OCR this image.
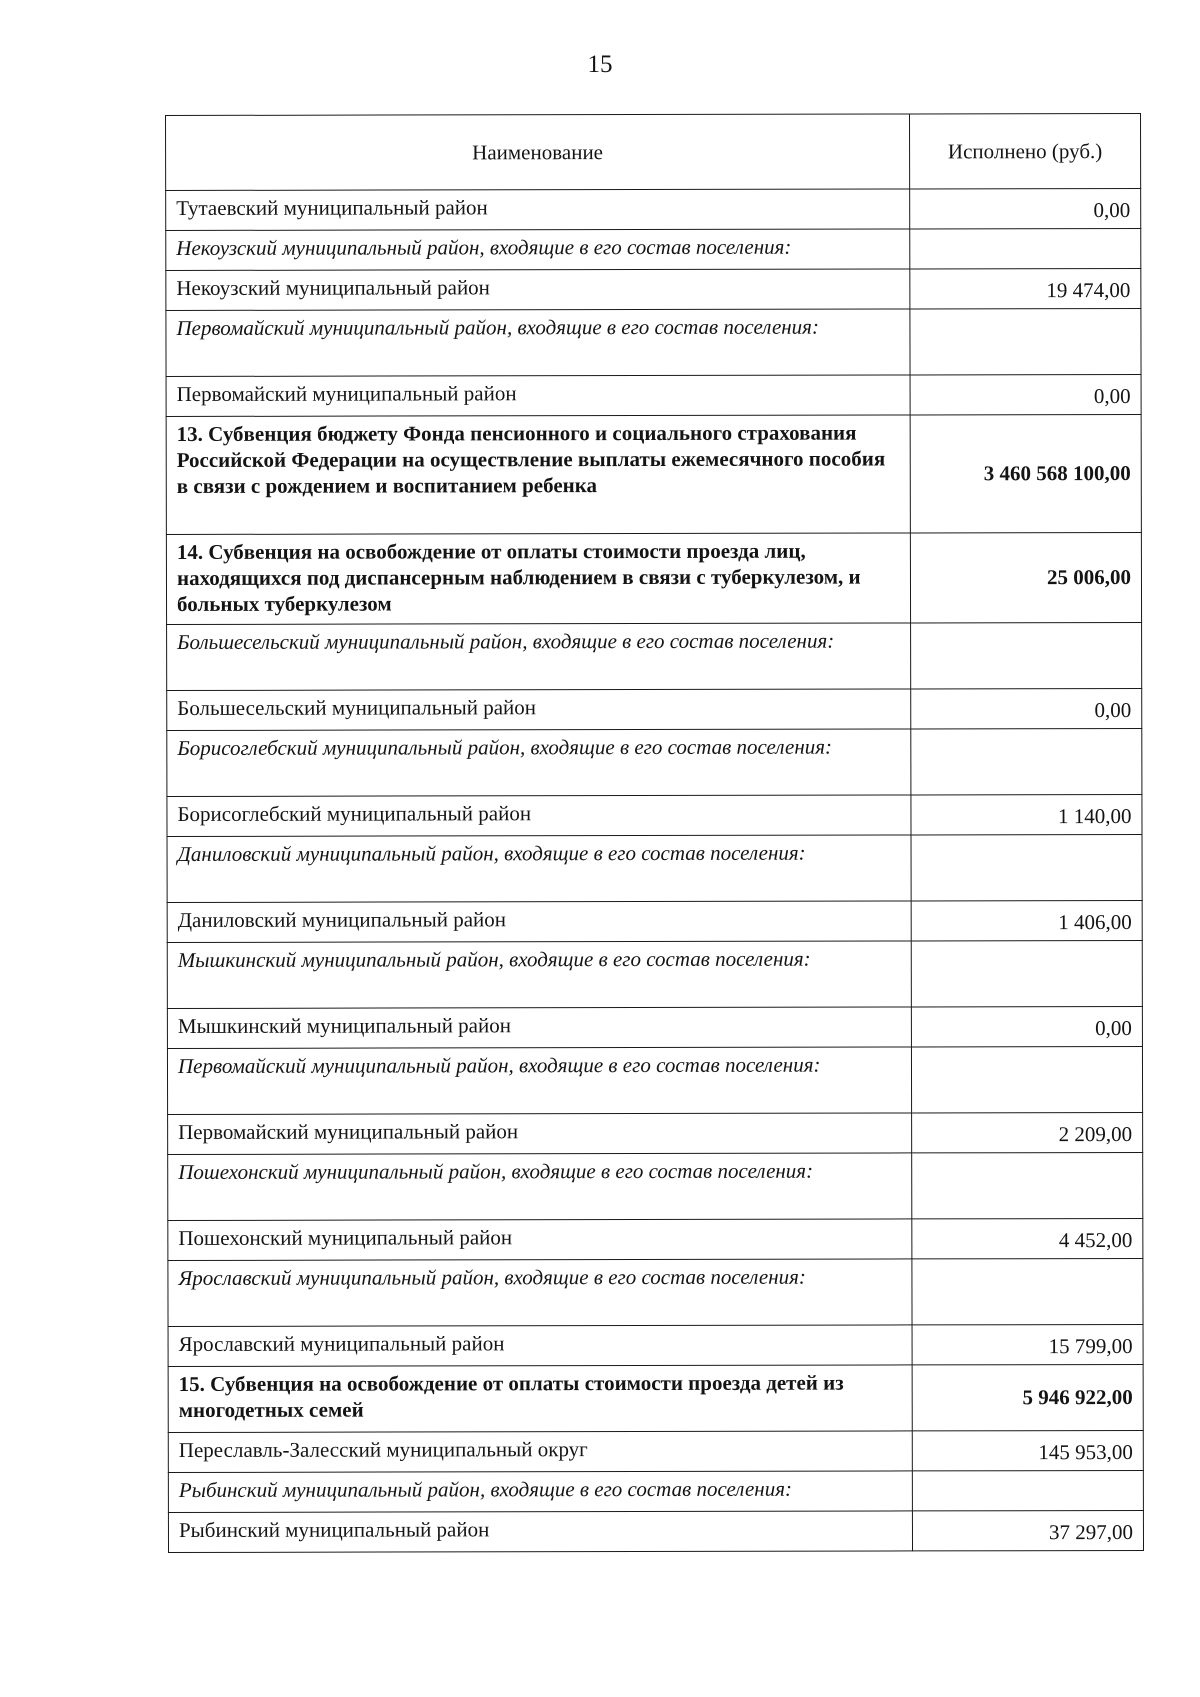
15
Наименование	Исполнено (руб.)
Тутаевский муниципальный район	0,00
Некоузский муниципальный район, входящие в его состав поселения:	
Некоузский муниципальный район	19 474,00
Первомайский муниципальный район, входящие в его состав поселения:	
Первомайский муниципальный район	0,00
13. Субвенция бюджету Фонда пенсионного и социального страхования Российской Федерации на осуществление выплаты ежемесячного пособия в связи с рождением и воспитанием ребенка	3 460 568 100,00
14. Субвенция на освобождение от оплаты стоимости проезда лиц, находящихся под диспансерным наблюдением в связи с туберкулезом, и больных туберкулезом	25 006,00
Большесельский муниципальный район, входящие в его состав поселения:	
Большесельский муниципальный район	0,00
Борисоглебский муниципальный район, входящие в его состав поселения:	
Борисоглебский муниципальный район	1 140,00
Даниловский муниципальный район, входящие в его состав поселения:	
Даниловский муниципальный район	1 406,00
Мышкинский муниципальный район, входящие в его состав поселения:	
Мышкинский муниципальный район	0,00
Первомайский муниципальный район, входящие в его состав поселения:	
Первомайский муниципальный район	2 209,00
Пошехонский муниципальный район, входящие в его состав поселения:	
Пошехонский муниципальный район	4 452,00
Ярославский муниципальный район, входящие в его состав поселения:	
Ярославский муниципальный район	15 799,00
15. Субвенция на освобождение от оплаты стоимости проезда детей из многодетных семей	5 946 922,00
Переславль-Залесский муниципальный округ	145 953,00
Рыбинский муниципальный район, входящие в его состав поселения:	
Рыбинский муниципальный район	37 297,00
